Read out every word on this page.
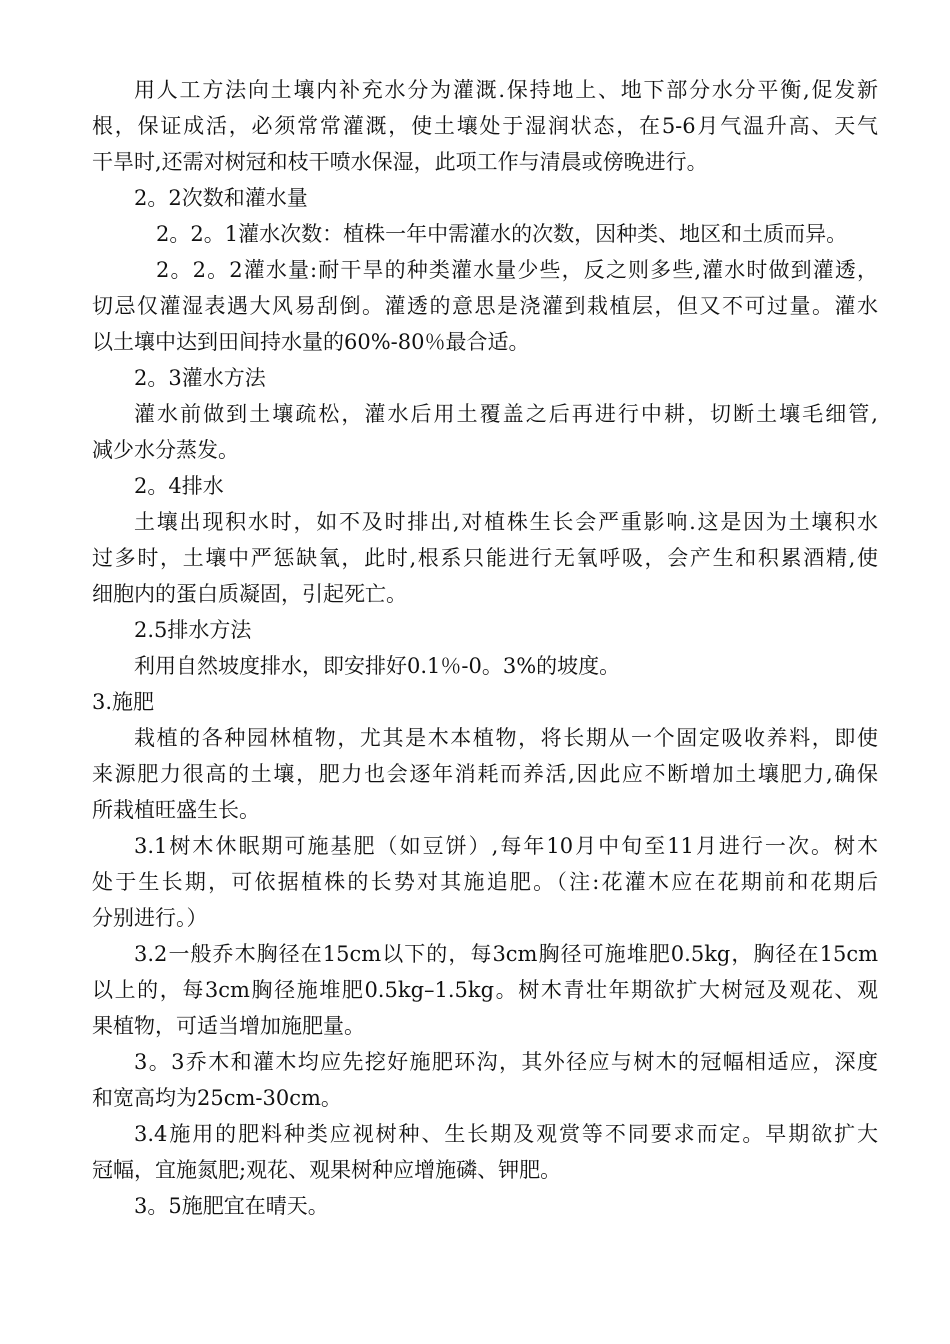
用人工方法向土壤内补充水分为灌溉.保持地上、地下部分水分平衡,促发新
根，保证成活，必须常常灌溉，使土壤处于湿润状态，在5-6月气温升高、天气
干旱时,还需对树冠和枝干喷水保湿，此项工作与清晨或傍晚进行。
2。2次数和灌水量
2。2。1灌水次数：植株一年中需灌水的次数，因种类、地区和土质而异。
2。2。2灌水量:耐干旱的种类灌水量少些，反之则多些,灌水时做到灌透，
切忌仅灌湿表遇大风易刮倒。灌透的意思是浇灌到栽植层，但又不可过量。灌水
以土壤中达到田间持水量的60%-80％最合适。
2。3灌水方法
灌水前做到土壤疏松，灌水后用土覆盖之后再进行中耕，切断土壤毛细管,
减少水分蒸发。
2。4排水
土壤出现积水时，如不及时排出,对植株生长会严重影响.这是因为土壤积水
过多时，土壤中严惩缺氧，此时,根系只能进行无氧呼吸，会产生和积累酒精,使
细胞内的蛋白质凝固，引起死亡。
2.5排水方法
利用自然坡度排水，即安排好0.1％-0。3%的坡度。
3.施肥
栽植的各种园林植物，尤其是木本植物，将长期从一个固定吸收养料，即使
来源肥力很高的土壤，肥力也会逐年消耗而养活,因此应不断增加土壤肥力,确保
所栽植旺盛生长。
3.1树木休眠期可施基肥（如豆饼）,每年10月中旬至11月进行一次。树木
处于生长期，可依据植株的长势对其施追肥。（注:花灌木应在花期前和花期后
分别进行。）
3.2一般乔木胸径在15cm以下的，每3cm胸径可施堆肥0.5kg，胸径在15cm
以上的，每3cm胸径施堆肥0.5kg–1.5kg。树木青壮年期欲扩大树冠及观花、观
果植物，可适当增加施肥量。
3。3乔木和灌木均应先挖好施肥环沟，其外径应与树木的冠幅相适应，深度
和宽高均为25cm-30cm。
3.4施用的肥料种类应视树种、生长期及观赏等不同要求而定。早期欲扩大
冠幅，宜施氮肥;观花、观果树种应增施磷、钾肥。
3。5施肥宜在晴天。
